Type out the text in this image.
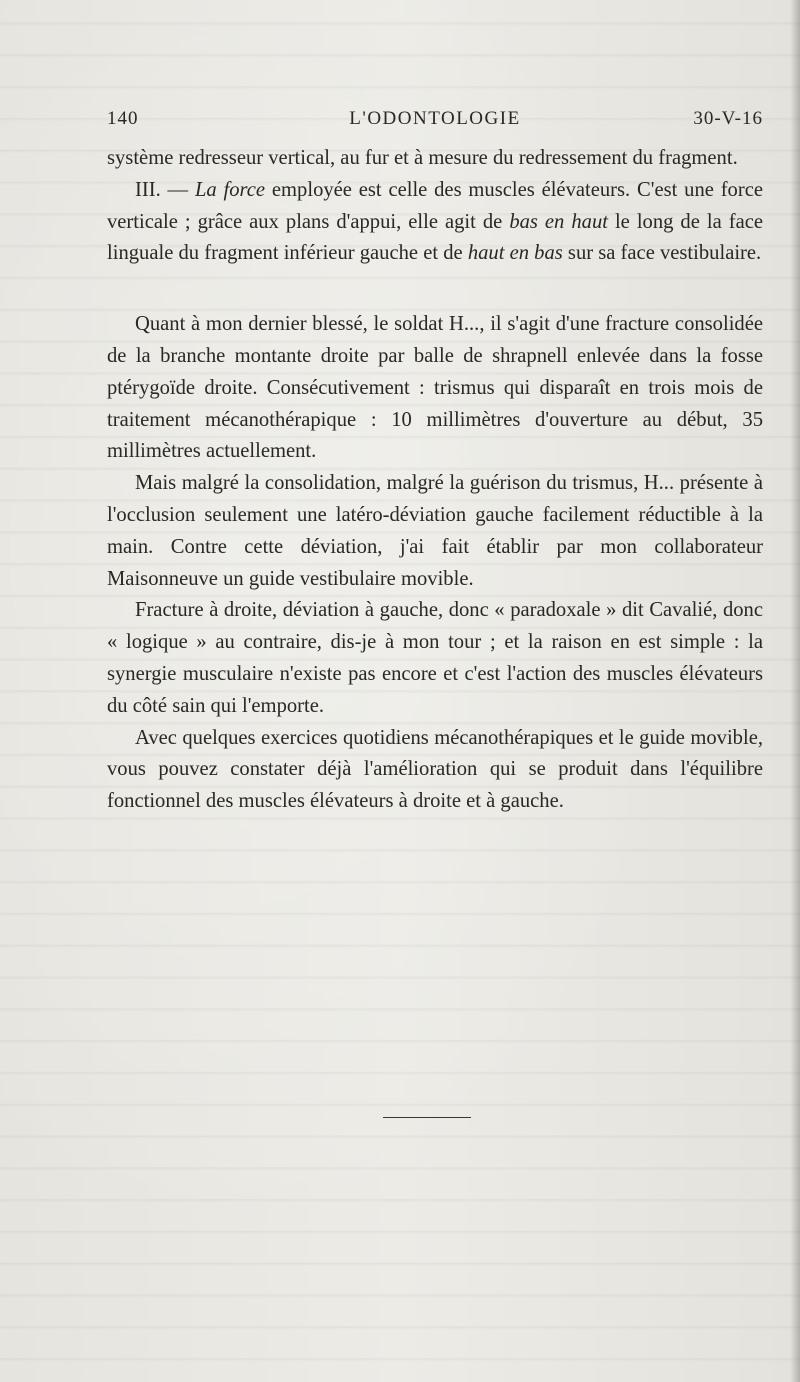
140	L'ODONTOLOGIE	30-V-16

système redresseur vertical, au fur et à mesure du redressement du fragment.

III. — La force employée est celle des muscles élévateurs. C'est une force verticale ; grâce aux plans d'appui, elle agit de bas en haut le long de la face linguale du fragment inférieur gauche et de haut en bas sur sa face vestibulaire.

Quant à mon dernier blessé, le soldat H..., il s'agit d'une fracture consolidée de la branche montante droite par balle de shrapnell enlevée dans la fosse ptérygoïde droite. Consécutivement : trismus qui disparaît en trois mois de traitement mécanothérapique : 10 millimètres d'ouverture au début, 35 millimètres actuellement.

Mais malgré la consolidation, malgré la guérison du trismus, H... présente à l'occlusion seulement une latéro-déviation gauche facilement réductible à la main. Contre cette déviation, j'ai fait établir par mon collaborateur Maisonneuve un guide vestibulaire movible.

Fracture à droite, déviation à gauche, donc « paradoxale » dit Cavalié, donc « logique » au contraire, dis-je à mon tour ; et la raison en est simple : la synergie musculaire n'existe pas encore et c'est l'action des muscles élévateurs du côté sain qui l'emporte.

Avec quelques exercices quotidiens mécanothérapiques et le guide movible, vous pouvez constater déjà l'amélioration qui se produit dans l'équilibre fonctionnel des muscles élévateurs à droite et à gauche.
